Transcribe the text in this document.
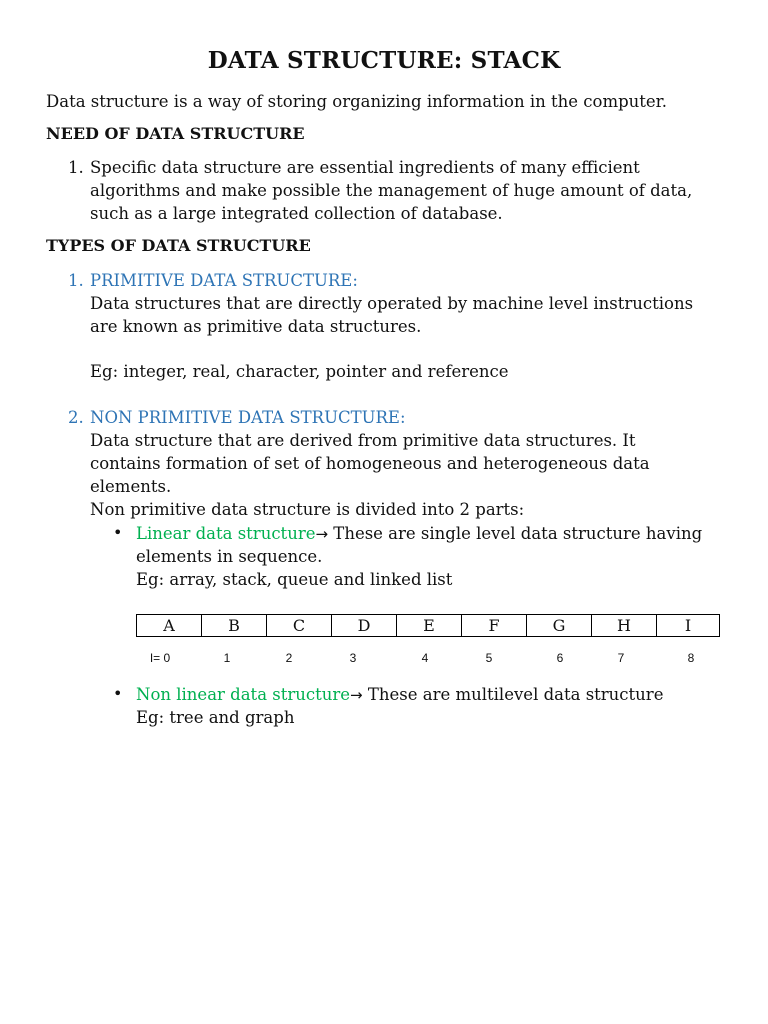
DATA STRUCTURE: STACK
Data structure is a way of storing organizing information in the computer.
NEED OF DATA STRUCTURE
1. Specific data structure are essential ingredients of many efficient
algorithms and make possible the management of huge amount of data,
such as a large integrated collection of database.
TYPES OF DATA STRUCTURE
1. PRIMITIVE DATA STRUCTURE:
Data structures that are directly operated by machine level instructions
are known as primitive data structures.
Eg: integer, real, character, pointer and reference
2. NON PRIMITIVE DATA STRUCTURE:
Data structure that are derived from primitive data structures. It
contains formation of set of homogeneous and heterogeneous data
elements.
Non primitive data structure is divided into 2 parts:
• Linear data structure→ These are single level data structure having
elements in sequence.
Eg: array, stack, queue and linked list
A	B	C	D	E	F	G	H	I
I= 0	1	2	3	4	5	6	7	8
• Non linear data structure→ These are multilevel data structure
Eg: tree and graph
